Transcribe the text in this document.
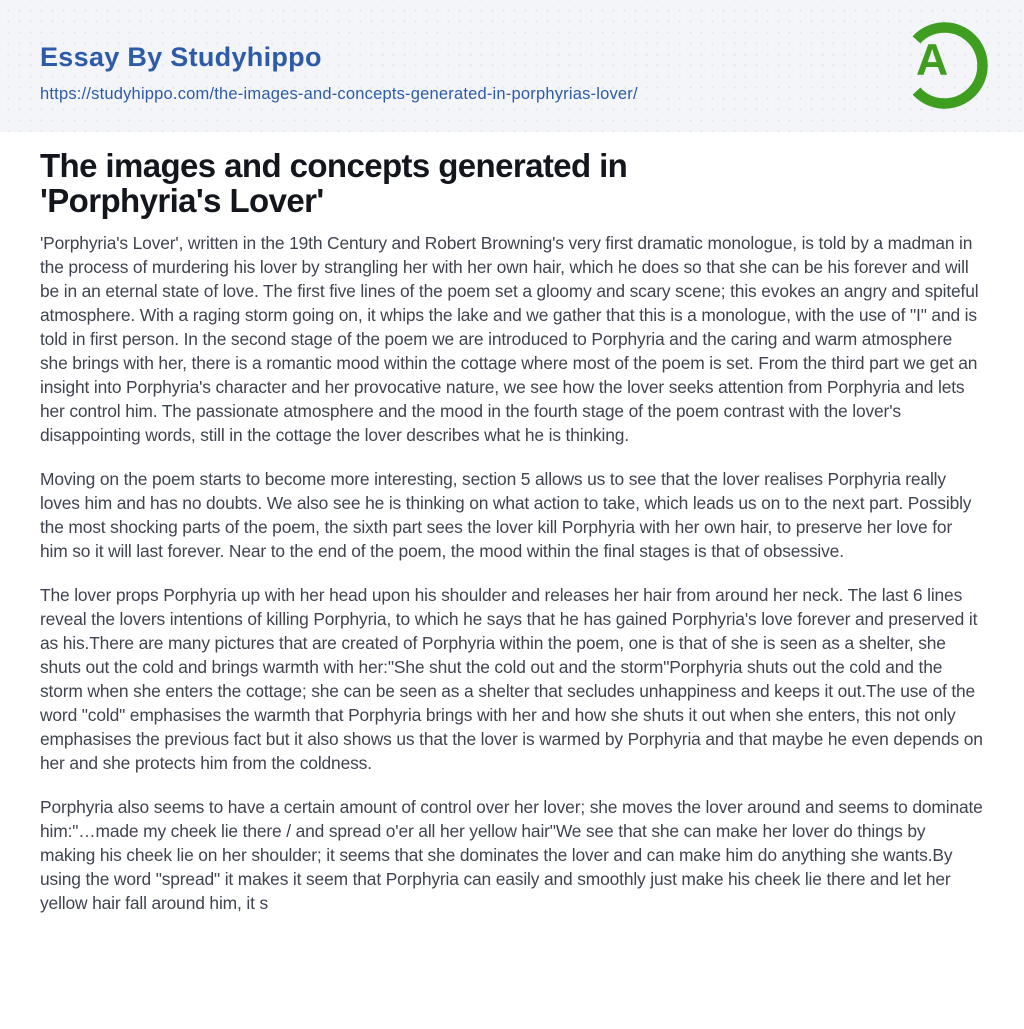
Essay By Studyhippo
https://studyhippo.com/the-images-and-concepts-generated-in-porphyrias-lover/
A
The images and concepts generated in
'Porphyria's Lover'

'Porphyria's Lover', written in the 19th Century and Robert Browning's very first dramatic monologue, is told by a madman in the process of murdering his lover by strangling her with her own hair, which he does so that she can be his forever and will be in an eternal state of love. The first five lines of the poem set a gloomy and scary scene; this evokes an angry and spiteful atmosphere. With a raging storm going on, it whips the lake and we gather that this is a monologue, with the use of "I" and is told in first person. In the second stage of the poem we are introduced to Porphyria and the caring and warm atmosphere she brings with her, there is a romantic mood within the cottage where most of the poem is set. From the third part we get an insight into Porphyria's character and her provocative nature, we see how the lover seeks attention from Porphyria and lets her control him. The passionate atmosphere and the mood in the fourth stage of the poem contrast with the lover's disappointing words, still in the cottage the lover describes what he is thinking.

Moving on the poem starts to become more interesting, section 5 allows us to see that the lover realises Porphyria really loves him and has no doubts. We also see he is thinking on what action to take, which leads us on to the next part. Possibly the most shocking parts of the poem, the sixth part sees the lover kill Porphyria with her own hair, to preserve her love for him so it will last forever. Near to the end of the poem, the mood within the final stages is that of obsessive.

The lover props Porphyria up with her head upon his shoulder and releases her hair from around her neck. The last 6 lines reveal the lovers intentions of killing Porphyria, to which he says that he has gained Porphyria's love forever and preserved it as his.There are many pictures that are created of Porphyria within the poem, one is that of she is seen as a shelter, she shuts out the cold and brings warmth with her:"She shut the cold out and the storm"Porphyria shuts out the cold and the storm when she enters the cottage; she can be seen as a shelter that secludes unhappiness and keeps it out.The use of the word "cold" emphasises the warmth that Porphyria brings with her and how she shuts it out when she enters, this not only emphasises the previous fact but it also shows us that the lover is warmed by Porphyria and that maybe he even depends on her and she protects him from the coldness.

Porphyria also seems to have a certain amount of control over her lover; she moves the lover around and seems to dominate him:"…made my cheek lie there / and spread o'er all her yellow hair"We see that she can make her lover do things by making his cheek lie on her shoulder; it seems that she dominates the lover and can make him do anything she wants.By using the word "spread" it makes it seem that Porphyria can easily and smoothly just make his cheek lie there and let her yellow hair fall around him, it s
